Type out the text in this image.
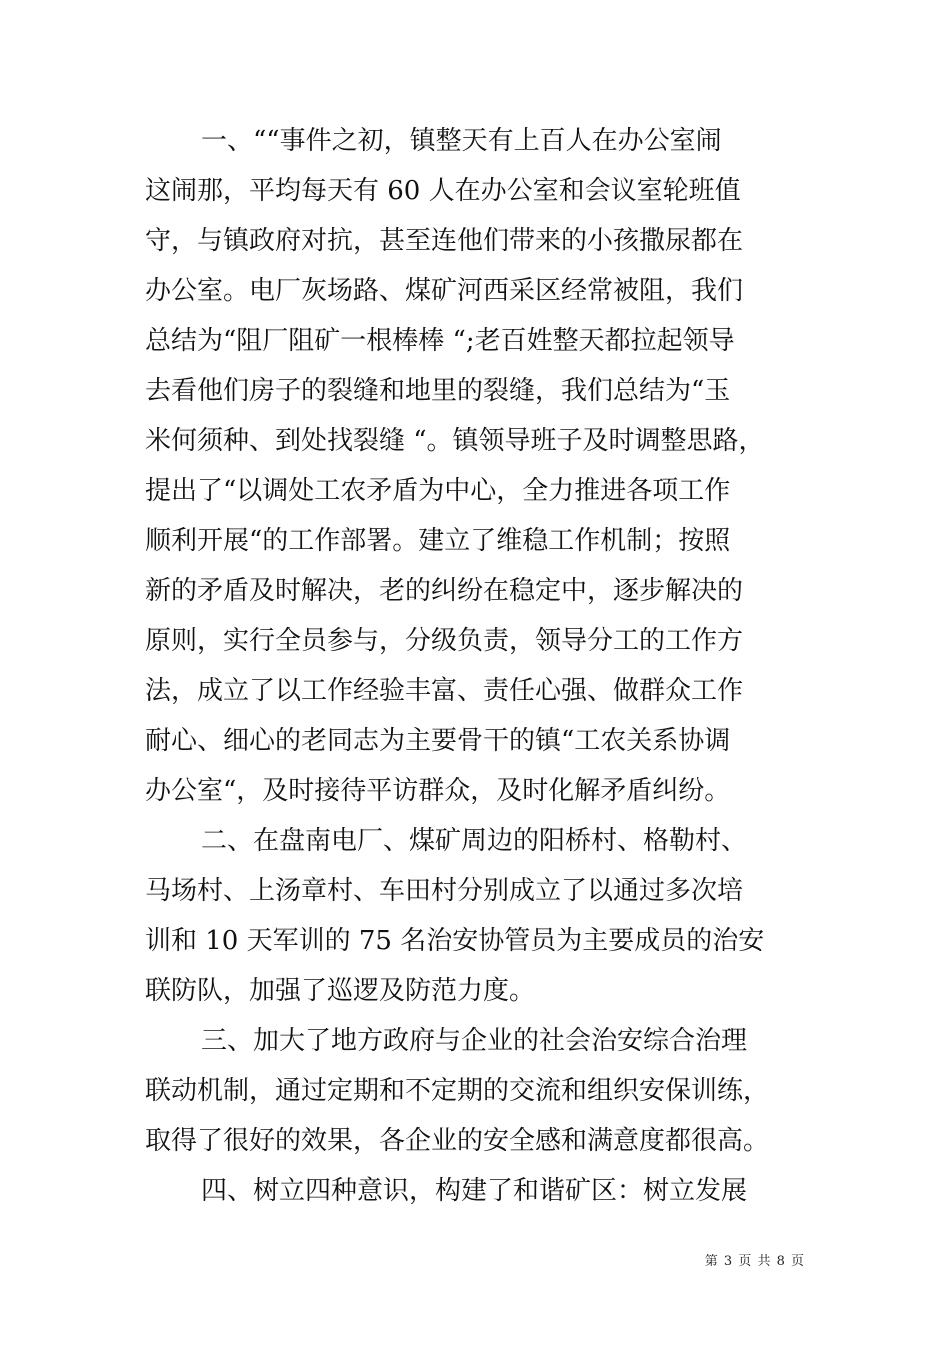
一、““事件之初，镇整天有上百人在办公室闹
这闹那，平均每天有 60 人在办公室和会议室轮班值
守，与镇政府对抗，甚至连他们带来的小孩撒尿都在
办公室。电厂灰场路、煤矿河西采区经常被阻，我们
总结为“阻厂阻矿一根棒棒 “;老百姓整天都拉起领导
去看他们房子的裂缝和地里的裂缝，我们总结为“玉
米何须种、到处找裂缝 “。镇领导班子及时调整思路，
提出了“以调处工农矛盾为中心，全力推进各项工作
顺利开展“的工作部署。建立了维稳工作机制；按照
新的矛盾及时解决，老的纠纷在稳定中，逐步解决的
原则，实行全员参与，分级负责，领导分工的工作方
法，成立了以工作经验丰富、责任心强、做群众工作
耐心、细心的老同志为主要骨干的镇“工农关系协调
办公室“，及时接待平访群众，及时化解矛盾纠纷。
二、在盘南电厂、煤矿周边的阳桥村、格勒村、
马场村、上汤章村、车田村分别成立了以通过多次培
训和 10 天军训的 75 名治安协管员为主要成员的治安
联防队，加强了巡逻及防范力度。
三、加大了地方政府与企业的社会治安综合治理
联动机制，通过定期和不定期的交流和组织安保训练，
取得了很好的效果，各企业的安全感和满意度都很高。
四、树立四种意识，构建了和谐矿区：树立发展
第 3 页 共 8 页
